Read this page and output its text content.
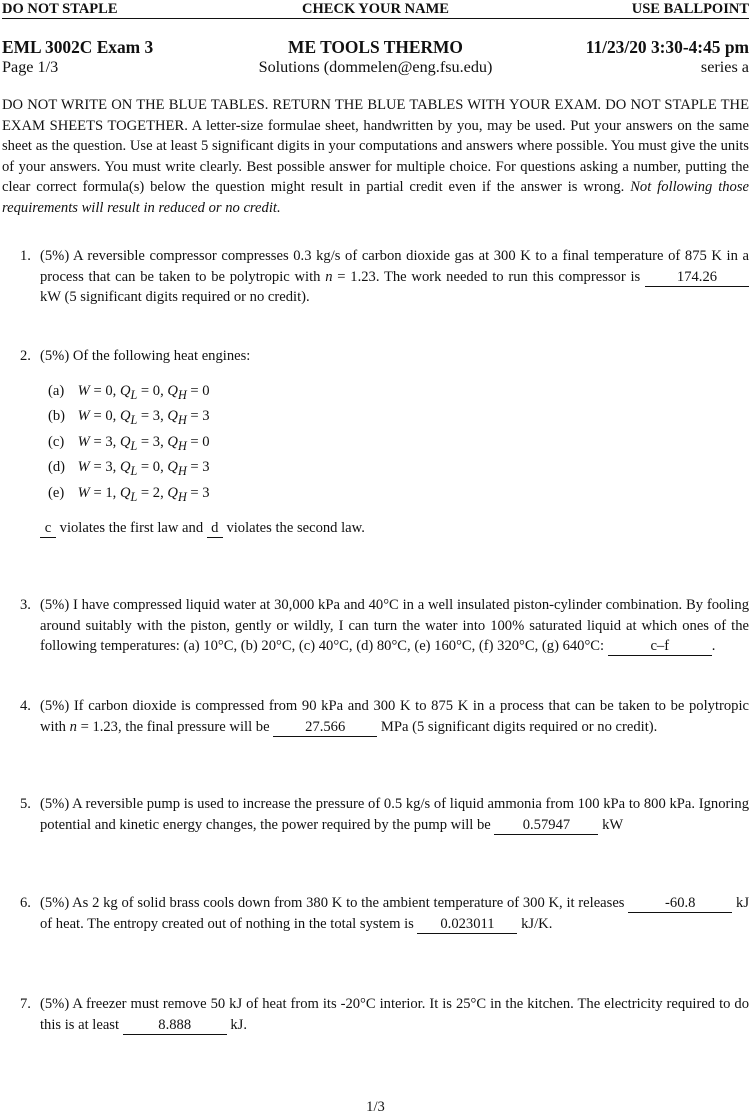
DO NOT STAPLE	CHECK YOUR NAME	USE BALLPOINT
EML 3002C Exam 3	ME TOOLS THERMO	11/23/20 3:30-4:45 pm
Page 1/3	Solutions (dommelen@eng.fsu.edu)	series a
DO NOT WRITE ON THE BLUE TABLES. RETURN THE BLUE TABLES WITH YOUR EXAM. DO NOT STAPLE THE EXAM SHEETS TOGETHER. A letter-size formulae sheet, handwritten by you, may be used. Put your answers on the same sheet as the question. Use at least 5 significant digits in your computations and answers where possible. You must give the units of your answers. You must write clearly. Best possible answer for multiple choice. For questions asking a number, putting the clear correct formula(s) below the question might result in partial credit even if the answer is wrong. Not following those requirements will result in reduced or no credit.
1. (5%) A reversible compressor compresses 0.3 kg/s of carbon dioxide gas at 300 K to a final temperature of 875 K in a process that can be taken to be polytropic with n = 1.23. The work needed to run this compressor is	174.26 kW (5 significant digits required or no credit).
2. (5%) Of the following heat engines:
(a) W = 0, $Q_L = 0$, $Q_H = 0$
(b) W = 0, $Q_L = 3$, $Q_H = 3$
(c) W = 3, $Q_L = 3$, $Q_H = 0$
(d) W = 3, $Q_L = 0$, $Q_H = 3$
(e) W = 1, $Q_L = 2$, $Q_H = 3$
c violates the first law and d violates the second law.
3. (5%) I have compressed liquid water at 30,000 kPa and 40°C in a well insulated piston-cylinder combination. By fooling around suitably with the piston, gently or wildly, I can turn the water into 100% saturated liquid at which ones of the following temperatures: (a) 10°C, (b) 20°C, (c) 40°C, (d) 80°C, (e) 160°C, (f) 320°C, (g) 640°C:	c–f	.
4. (5%) If carbon dioxide is compressed from 90 kPa and 300 K to 875 K in a process that can be taken to be polytropic with n = 1.23, the final pressure will be 27.566 MPa (5 significant digits required or no credit).
5. (5%) A reversible pump is used to increase the pressure of 0.5 kg/s of liquid ammonia from 100 kPa to 800 kPa. Ignoring potential and kinetic energy changes, the power required by the pump will be 0.57947 kW
6. (5%) As 2 kg of solid brass cools down from 380 K to the ambient temperature of 300 K, it releases	-60.8	kJ of heat. The entropy created out of nothing in the total system is 0.023011 kJ/K.
7. (5%) A freezer must remove 50 kJ of heat from its -20°C interior. It is 25°C in the kitchen. The electricity required to do this is at least	8.888	kJ.
1/3
